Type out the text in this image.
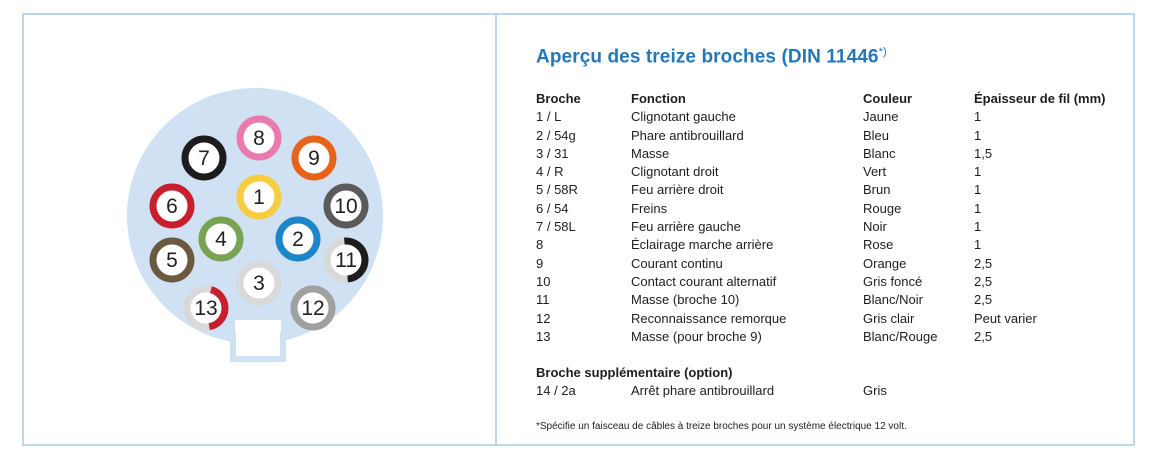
1
2
3
4
5
6
7
8
9
10
11
12
13
Aperçu des treize broches (DIN 11446*)
Broche	Fonction	Couleur	Épaisseur de fil (mm)
1 / L	Clignotant gauche	Jaune	1
2 / 54g	Phare antibrouillard	Bleu	1
3 / 31	Masse	Blanc	1,5
4 / R	Clignotant droit	Vert	1
5 / 58R	Feu arrière droit	Brun	1
6 / 54	Freins	Rouge	1
7 / 58L	Feu arrière gauche	Noir	1
8	Éclairage marche arrière	Rose	1
9	Courant continu	Orange	2,5
10	Contact courant alternatif	Gris foncé	2,5
11	Masse (broche 10)	Blanc/Noir	2,5
12	Reconnaissance remorque	Gris clair	Peut varier
13	Masse (pour broche 9)	Blanc/Rouge	2,5
Broche supplémentaire (option)
14 / 2a	Arrêt phare antibrouillard	Gris
*Spécifie un faisceau de câbles à treize broches pour un système électrique 12 volt.
